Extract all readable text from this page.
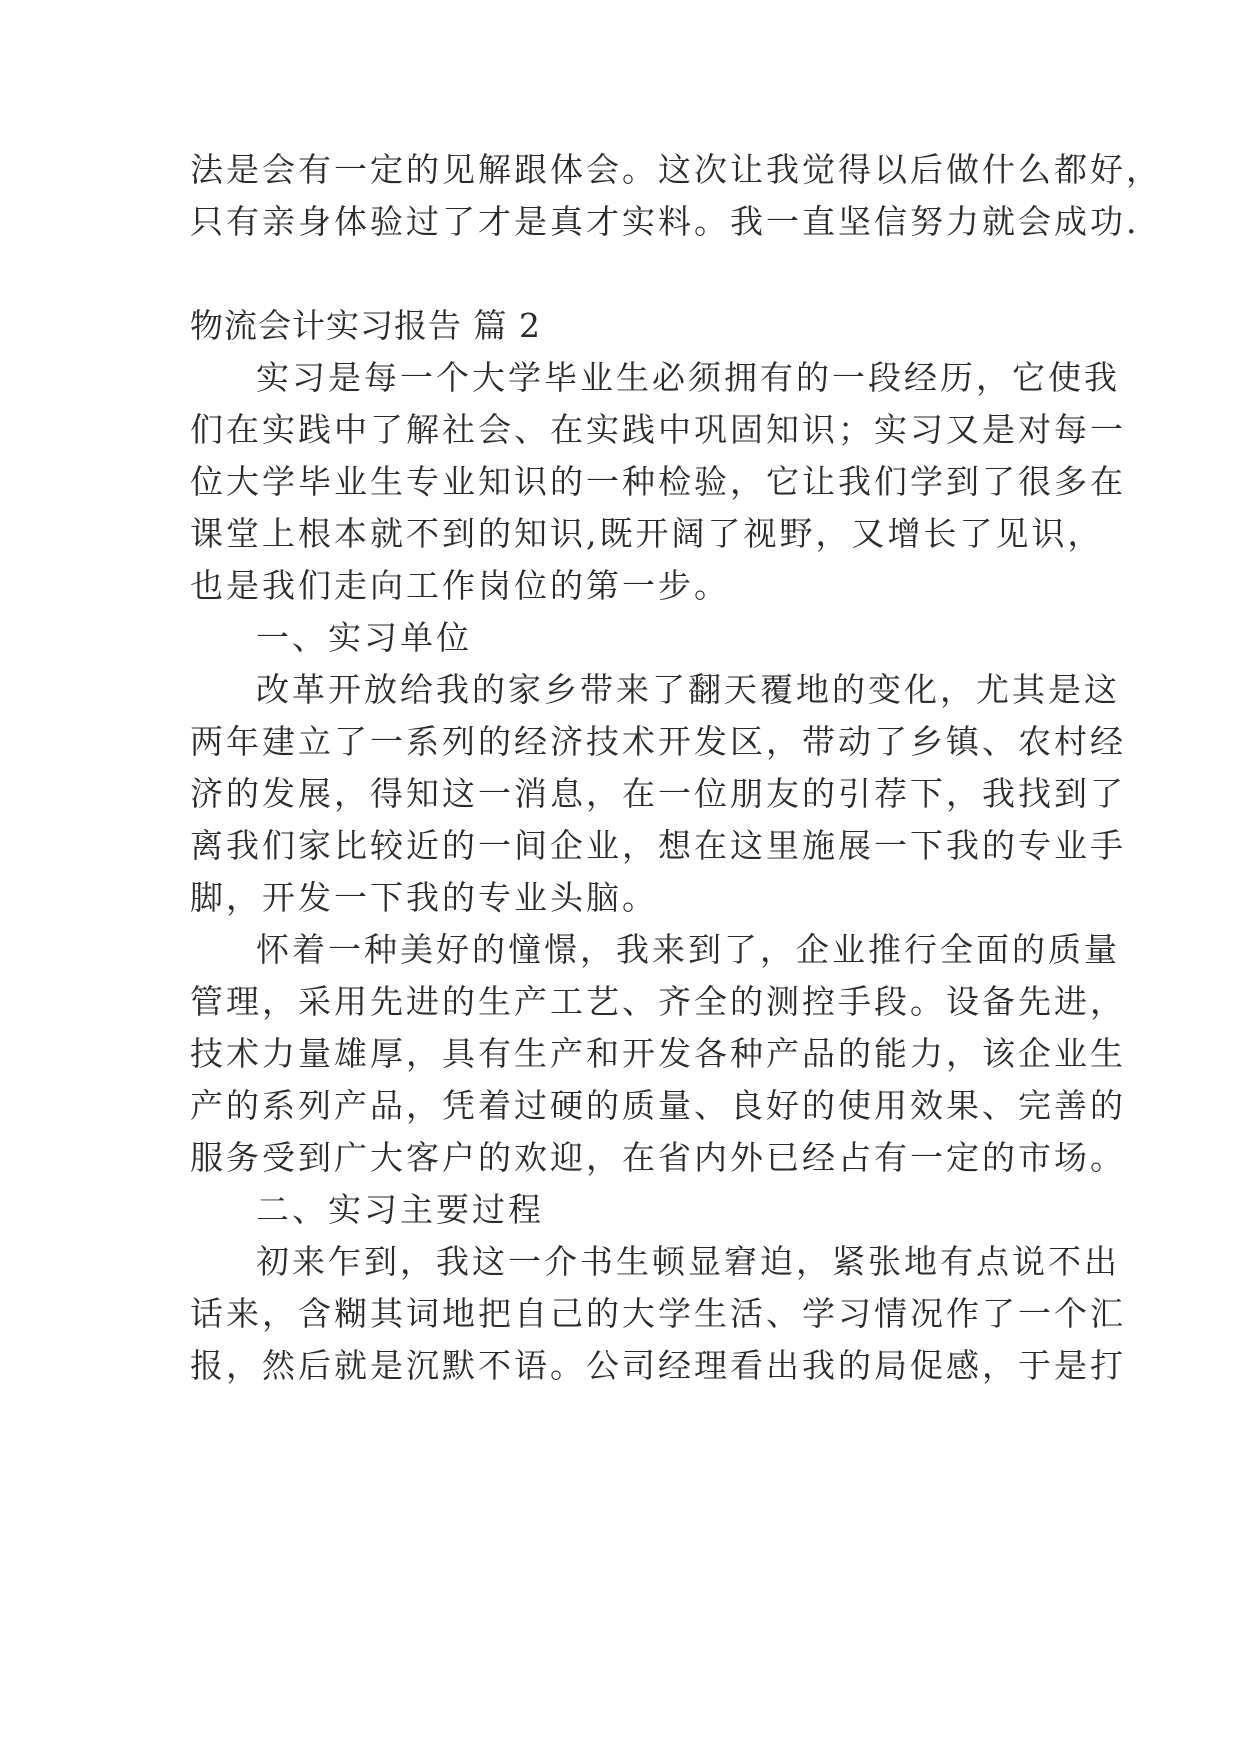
法是会有一定的见解跟体会。这次让我觉得以后做什么都好，
只有亲身体验过了才是真才实料。我一直坚信努力就会成功.
物流会计实习报告 篇 2
实习是每一个大学毕业生必须拥有的一段经历，它使我
们在实践中了解社会、在实践中巩固知识；实习又是对每一
位大学毕业生专业知识的一种检验，它让我们学到了很多在
课堂上根本就不到的知识,既开阔了视野，又增长了见识，
也是我们走向工作岗位的第一步。
一、实习单位
改革开放给我的家乡带来了翻天覆地的变化，尤其是这
两年建立了一系列的经济技术开发区，带动了乡镇、农村经
济的发展，得知这一消息，在一位朋友的引荐下，我找到了
离我们家比较近的一间企业，想在这里施展一下我的专业手
脚，开发一下我的专业头脑。
怀着一种美好的憧憬，我来到了，企业推行全面的质量
管理，采用先进的生产工艺、齐全的测控手段。设备先进，
技术力量雄厚，具有生产和开发各种产品的能力，该企业生
产的系列产品，凭着过硬的质量、良好的使用效果、完善的
服务受到广大客户的欢迎，在省内外已经占有一定的市场。
二、实习主要过程
初来乍到，我这一介书生顿显窘迫，紧张地有点说不出
话来，含糊其词地把自己的大学生活、学习情况作了一个汇
报，然后就是沉默不语。公司经理看出我的局促感，于是打
